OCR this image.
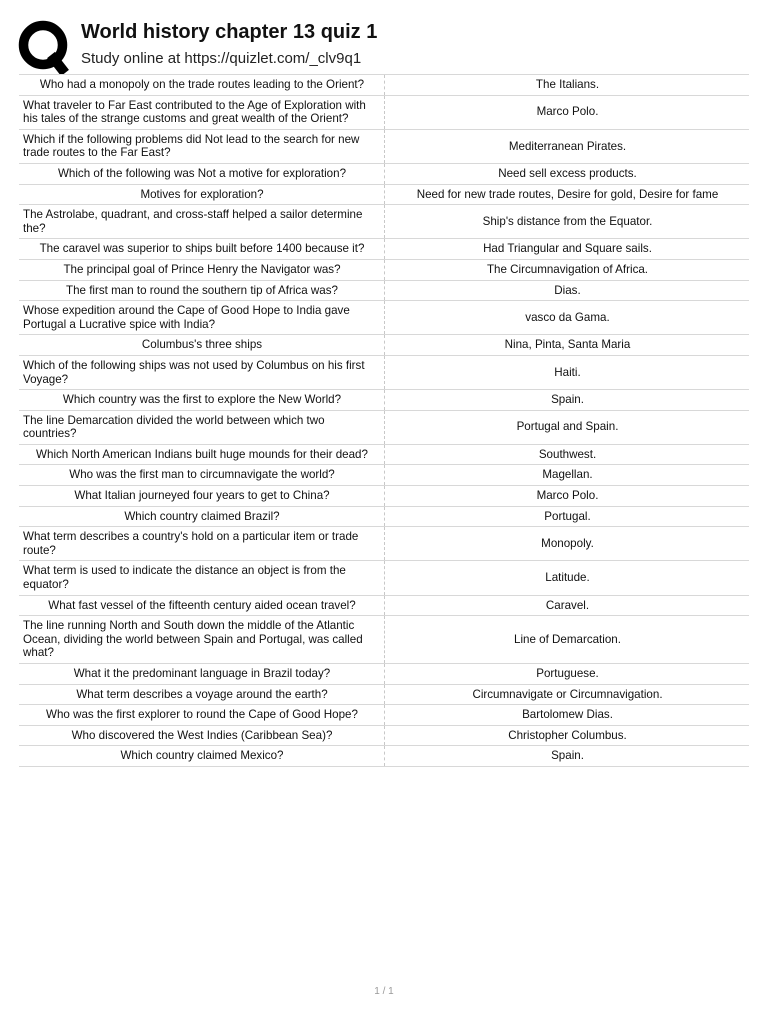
World history chapter 13 quiz 1
Study online at https://quizlet.com/_clv9q1
Who had a monopoly on the trade routes leading to the Orient?	The Italians.
What traveler to Far East contributed to the Age of Exploration with his tales of the strange customs and great wealth of the Orient?	Marco Polo.
Which if the following problems did Not lead to the search for new trade routes to the Far East?	Mediterranean Pirates.
Which of the following was Not a motive for exploration?	Need sell excess products.
Motives for exploration?	Need for new trade routes, Desire for gold, Desire for fame
The Astrolabe, quadrant, and cross-staff helped a sailor determine the?	Ship's distance from the Equator.
The caravel was superior to ships built before 1400 because it?	Had Triangular and Square sails.
The principal goal of Prince Henry the Navigator was?	The Circumnavigation of Africa.
The first man to round the southern tip of Africa was?	Dias.
Whose expedition around the Cape of Good Hope to India gave Portugal a Lucrative spice with India?	vasco da Gama.
Columbus's three ships	Nina, Pinta, Santa Maria
Which of the following ships was not used by Columbus on his first Voyage?	Haiti.
Which country was the first to explore the New World?	Spain.
The line Demarcation divided the world between which two countries?	Portugal and Spain.
Which North American Indians built huge mounds for their dead?	Southwest.
Who was the first man to circumnavigate the world?	Magellan.
What Italian journeyed four years to get to China?	Marco Polo.
Which country claimed Brazil?	Portugal.
What term describes a country's hold on a particular item or trade route?	Monopoly.
What term is used to indicate the distance an object is from the equator?	Latitude.
What fast vessel of the fifteenth century aided ocean travel?	Caravel.
The line running North and South down the middle of the Atlantic Ocean, dividing the world between Spain and Portugal, was called what?	Line of Demarcation.
What it the predominant language in Brazil today?	Portuguese.
What term describes a voyage around the earth?	Circumnavigate or Circumnavigation.
Who was the first explorer to round the Cape of Good Hope?	Bartolomew Dias.
Who discovered the West Indies (Caribbean Sea)?	Christopher Columbus.
Which country claimed Mexico?	Spain.
1 / 1
